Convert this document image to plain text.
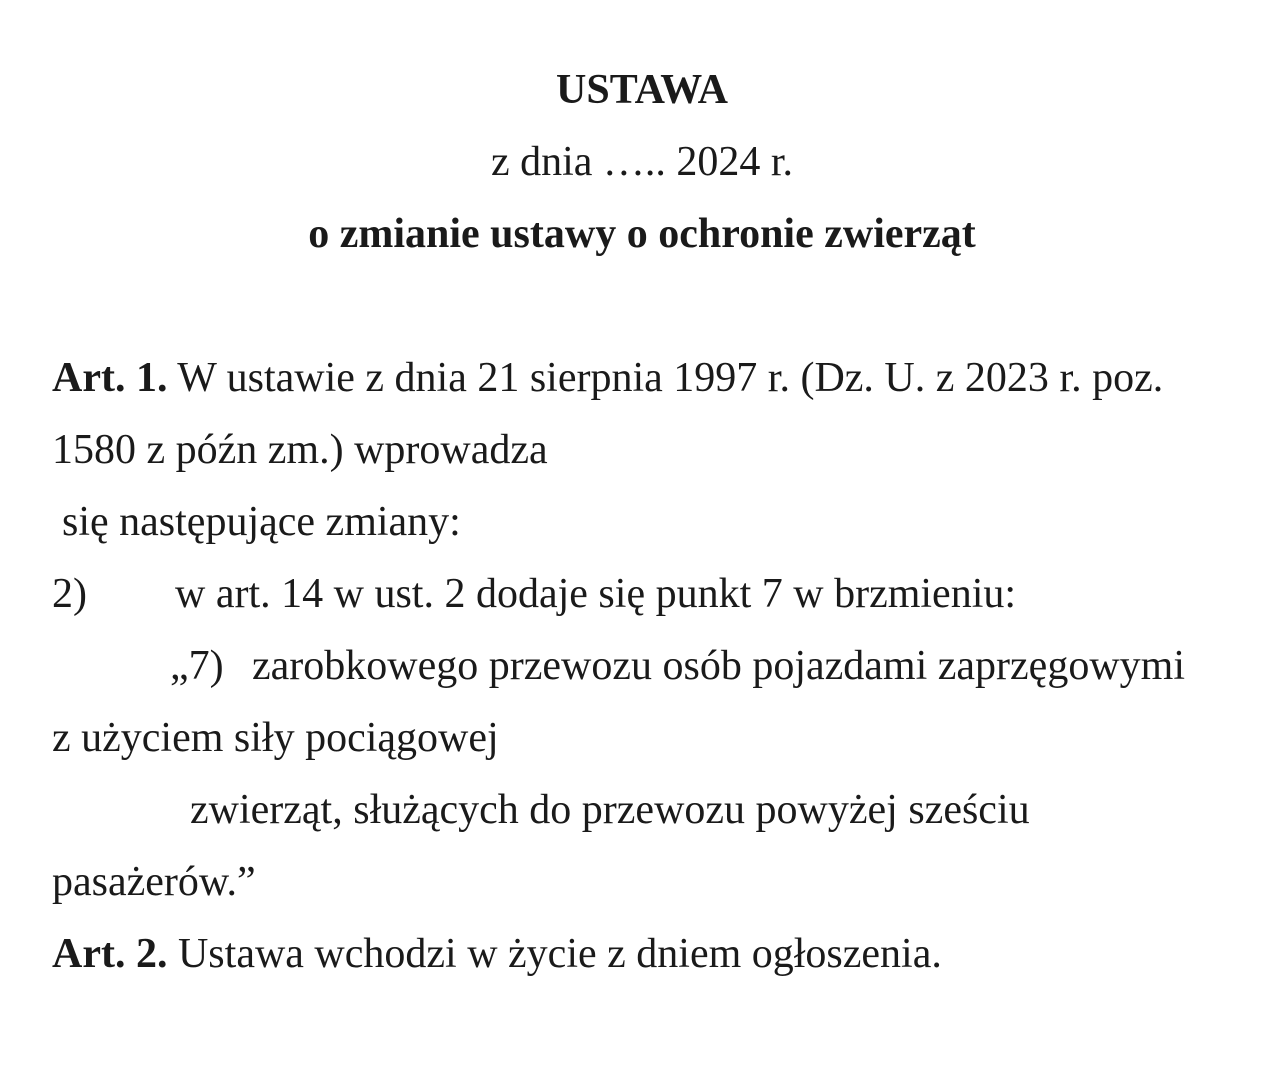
USTAWA
z dnia ….. 2024 r.
o zmianie ustawy o ochronie zwierząt
Art. 1. W ustawie z dnia 21 sierpnia 1997 r. (Dz. U. z 2023 r. poz.
1580 z późn zm.) wprowadza
się następujące zmiany:
2) w art. 14 w ust. 2 dodaje się punkt 7 w brzmieniu:
„7) zarobkowego przewozu osób pojazdami zaprzęgowymi
z użyciem siły pociągowej
zwierząt, służących do przewozu powyżej sześciu
pasażerów.”
Art. 2. Ustawa wchodzi w życie z dniem ogłoszenia.
